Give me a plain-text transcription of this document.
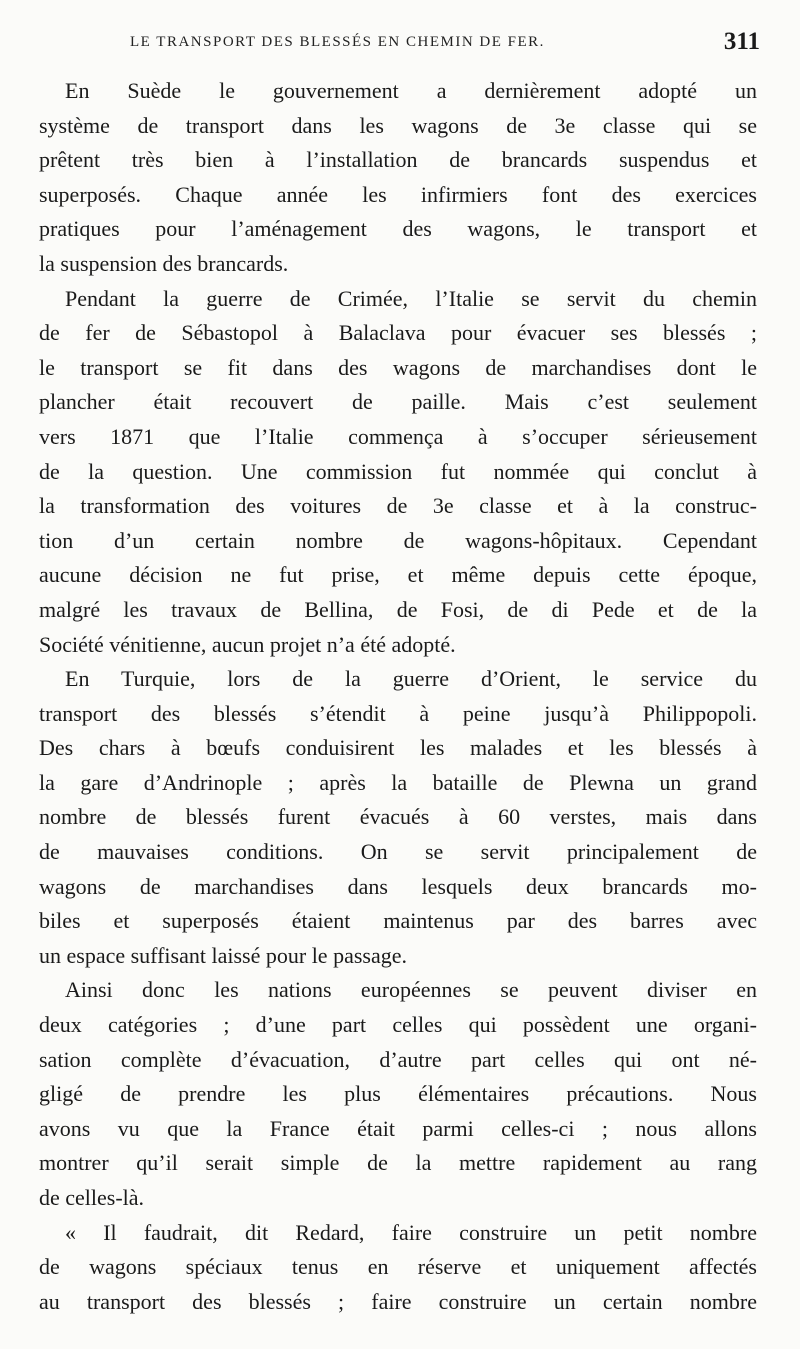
LE TRANSPORT DES BLESSÉS EN CHEMIN DE FER.	311
En Suède le gouvernement a dernièrement adopté un
système de transport dans les wagons de 3e classe qui se
prêtent très bien à l’installation de brancards suspendus et
superposés. Chaque année les infirmiers font des exercices
pratiques pour l’aménagement des wagons, le transport et
la suspension des brancards.
Pendant la guerre de Crimée, l’Italie se servit du chemin
de fer de Sébastopol à Balaclava pour évacuer ses blessés ;
le transport se fit dans des wagons de marchandises dont le
plancher était recouvert de paille. Mais c’est seulement
vers 1871 que l’Italie commença à s’occuper sérieusement
de la question. Une commission fut nommée qui conclut à
la transformation des voitures de 3e classe et à la construc-
tion d’un certain nombre de wagons-hôpitaux. Cependant
aucune décision ne fut prise, et même depuis cette époque,
malgré les travaux de Bellina, de Fosi, de di Pede et de la
Société vénitienne, aucun projet n’a été adopté.
En Turquie, lors de la guerre d’Orient, le service du
transport des blessés s’étendit à peine jusqu’à Philippopoli.
Des chars à bœufs conduisirent les malades et les blessés à
la gare d’Andrinople ; après la bataille de Plewna un grand
nombre de blessés furent évacués à 60 verstes, mais dans
de mauvaises conditions. On se servit principalement de
wagons de marchandises dans lesquels deux brancards mo-
biles et superposés étaient maintenus par des barres avec
un espace suffisant laissé pour le passage.
Ainsi donc les nations européennes se peuvent diviser en
deux catégories ; d’une part celles qui possèdent une organi-
sation complète d’évacuation, d’autre part celles qui ont né-
gligé de prendre les plus élémentaires précautions. Nous
avons vu que la France était parmi celles-ci ; nous allons
montrer qu’il serait simple de la mettre rapidement au rang
de celles-là.
« Il faudrait, dit Redard, faire construire un petit nombre
de wagons spéciaux tenus en réserve et uniquement affectés
au transport des blessés ; faire construire un certain nombre
